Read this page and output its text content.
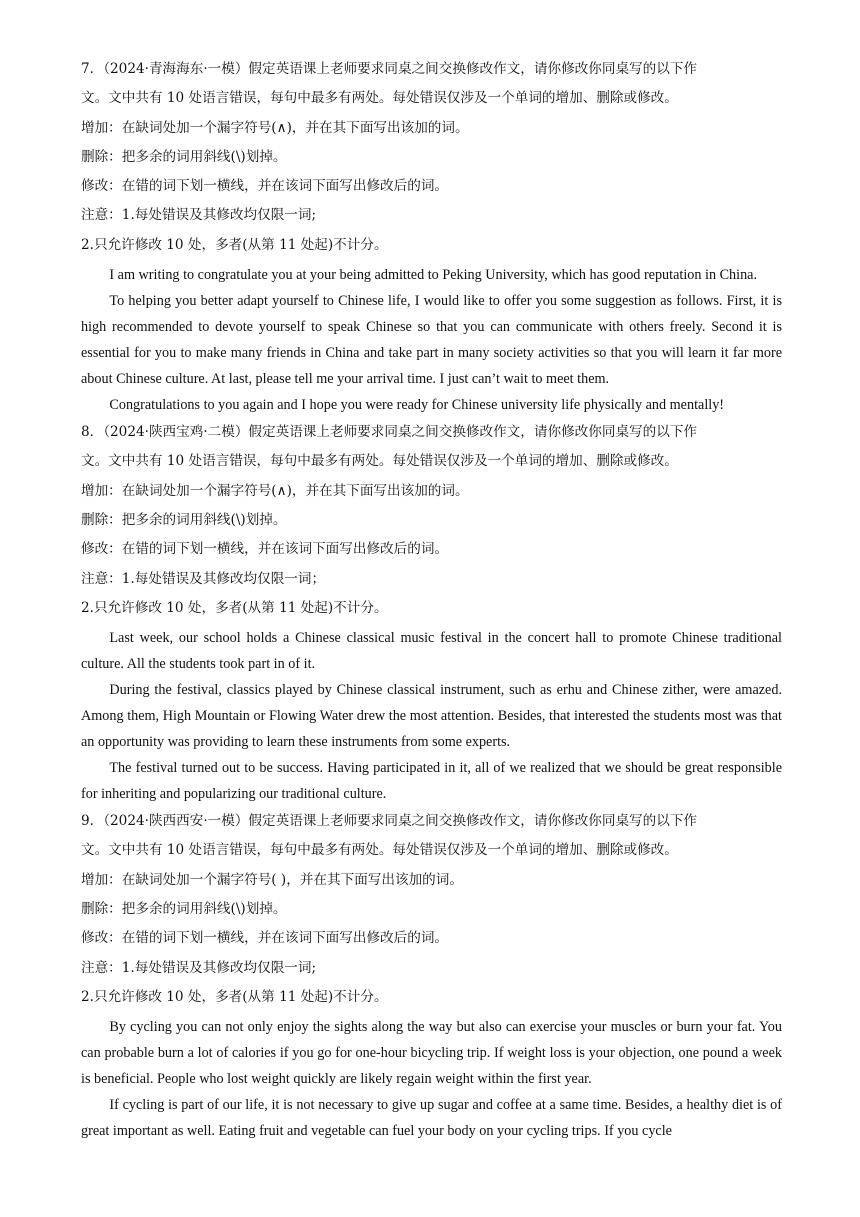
7．（2024·青海海东·一模）假定英语课上老师要求同桌之间交换修改作文，请你修改你同桌写的以下作
文。文中共有 10 处语言错误，每句中最多有两处。每处错误仅涉及一个单词的增加、删除或修改。
增加：在缺词处加一个漏字符号(∧)，并在其下面写出该加的词。
删除：把多余的词用斜线(\)划掉。
修改：在错的词下划一横线，并在该词下面写出修改后的词。
注意：1.每处错误及其修改均仅限一词;
2.只允许修改 10 处，多者(从第 11 处起)不计分。

I am writing to congratulate you at your being admitted to Peking University, which has good reputation in China.

To helping you better adapt yourself to Chinese life, I would like to offer you some suggestion as follows. First, it is high recommended to devote yourself to speak Chinese so that you can communicate with others freely. Second it is essential for you to make many friends in China and take part in many society activities so that you will learn it far more about Chinese culture. At last, please tell me your arrival time. I just can’t wait to meet them.

Congratulations to you again and I hope you were ready for Chinese university life physically and mentally!

8．（2024·陕西宝鸡·二模）假定英语课上老师要求同桌之间交换修改作文，请你修改你同桌写的以下作
文。文中共有 10 处语言错误，每句中最多有两处。每处错误仅涉及一个单词的增加、删除或修改。
增加：在缺词处加一个漏字符号(∧)，并在其下面写出该加的词。
删除：把多余的词用斜线(\)划掉。
修改：在错的词下划一横线，并在该词下面写出修改后的词。
注意：1.每处错误及其修改均仅限一词；
2.只允许修改 10 处，多者(从第 11 处起)不计分。

Last week, our school holds a Chinese classical music festival in the concert hall to promote Chinese traditional culture. All the students took part in of it.

During the festival, classics played by Chinese classical instrument, such as erhu and Chinese zither, were amazed. Among them, High Mountain or Flowing Water drew the most attention. Besides, that interested the students most was that an opportunity was providing to learn these instruments from some experts.

The festival turned out to be success. Having participated in it, all of we realized that we should be great responsible for inheriting and popularizing our traditional culture.

9．（2024·陕西西安·一模）假定英语课上老师要求同桌之间交换修改作文，请你修改你同桌写的以下作
文。文中共有 10 处语言错误，每句中最多有两处。每处错误仅涉及一个单词的增加、删除或修改。
增加：在缺词处加一个漏字符号( )，并在其下面写出该加的词。
删除：把多余的词用斜线(\)划掉。
修改：在错的词下划一横线，并在该词下面写出修改后的词。
注意：1.每处错误及其修改均仅限一词;
2.只允许修改 10 处，多者(从第 11 处起)不计分。

By cycling you can not only enjoy the sights along the way but also can exercise your muscles or burn your fat. You can probable burn a lot of calories if you go for one-hour bicycling trip. If weight loss is your objection, one pound a week is beneficial. People who lost weight quickly are likely regain weight within the first year.

If cycling is part of our life, it is not necessary to give up sugar and coffee at a same time. Besides, a healthy diet is of great important as well. Eating fruit and vegetable can fuel your body on your cycling trips. If you cycle
